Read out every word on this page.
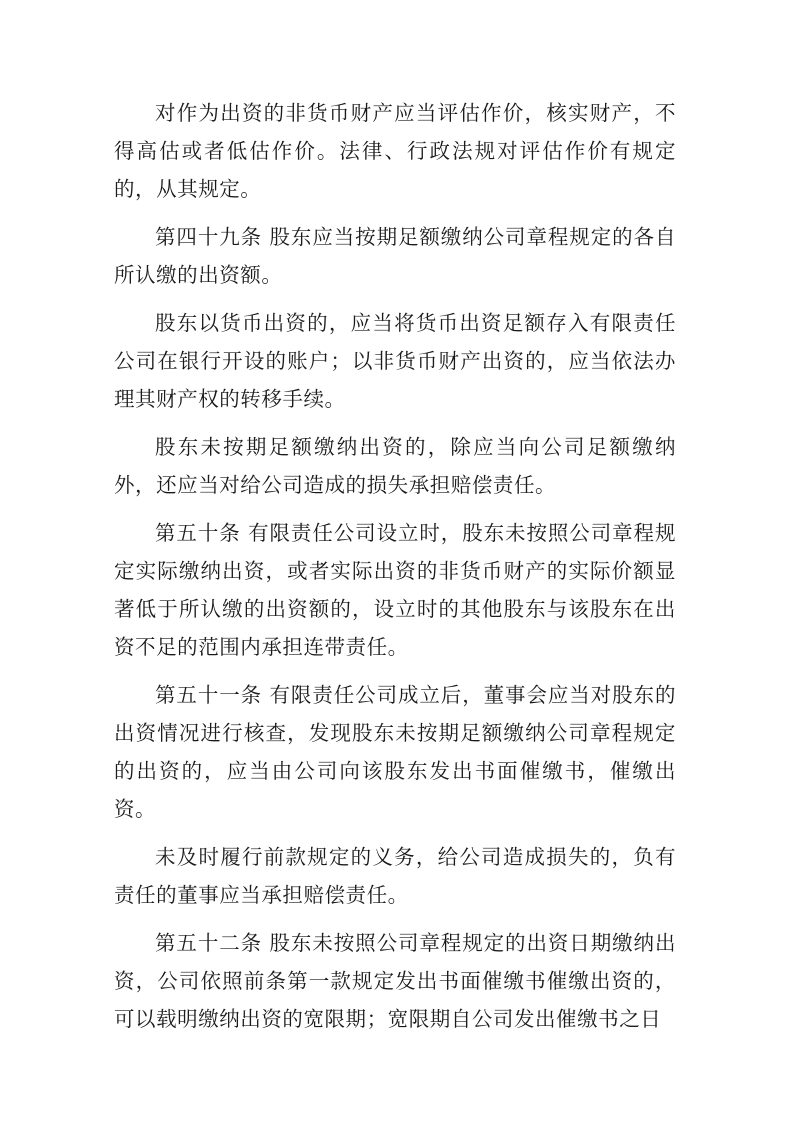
对作为出资的非货币财产应当评估作价，核实财产，不得高估或者低估作价。法律、行政法规对评估作价有规定的，从其规定。

第四十九条 股东应当按期足额缴纳公司章程规定的各自所认缴的出资额。

股东以货币出资的，应当将货币出资足额存入有限责任公司在银行开设的账户；以非货币财产出资的，应当依法办理其财产权的转移手续。

股东未按期足额缴纳出资的，除应当向公司足额缴纳外，还应当对给公司造成的损失承担赔偿责任。

第五十条 有限责任公司设立时，股东未按照公司章程规定实际缴纳出资，或者实际出资的非货币财产的实际价额显著低于所认缴的出资额的，设立时的其他股东与该股东在出资不足的范围内承担连带责任。

第五十一条 有限责任公司成立后，董事会应当对股东的出资情况进行核查，发现股东未按期足额缴纳公司章程规定的出资的，应当由公司向该股东发出书面催缴书，催缴出资。

未及时履行前款规定的义务，给公司造成损失的，负有责任的董事应当承担赔偿责任。

第五十二条 股东未按照公司章程规定的出资日期缴纳出资，公司依照前条第一款规定发出书面催缴书催缴出资的，可以载明缴纳出资的宽限期；宽限期自公司发出催缴书之日
